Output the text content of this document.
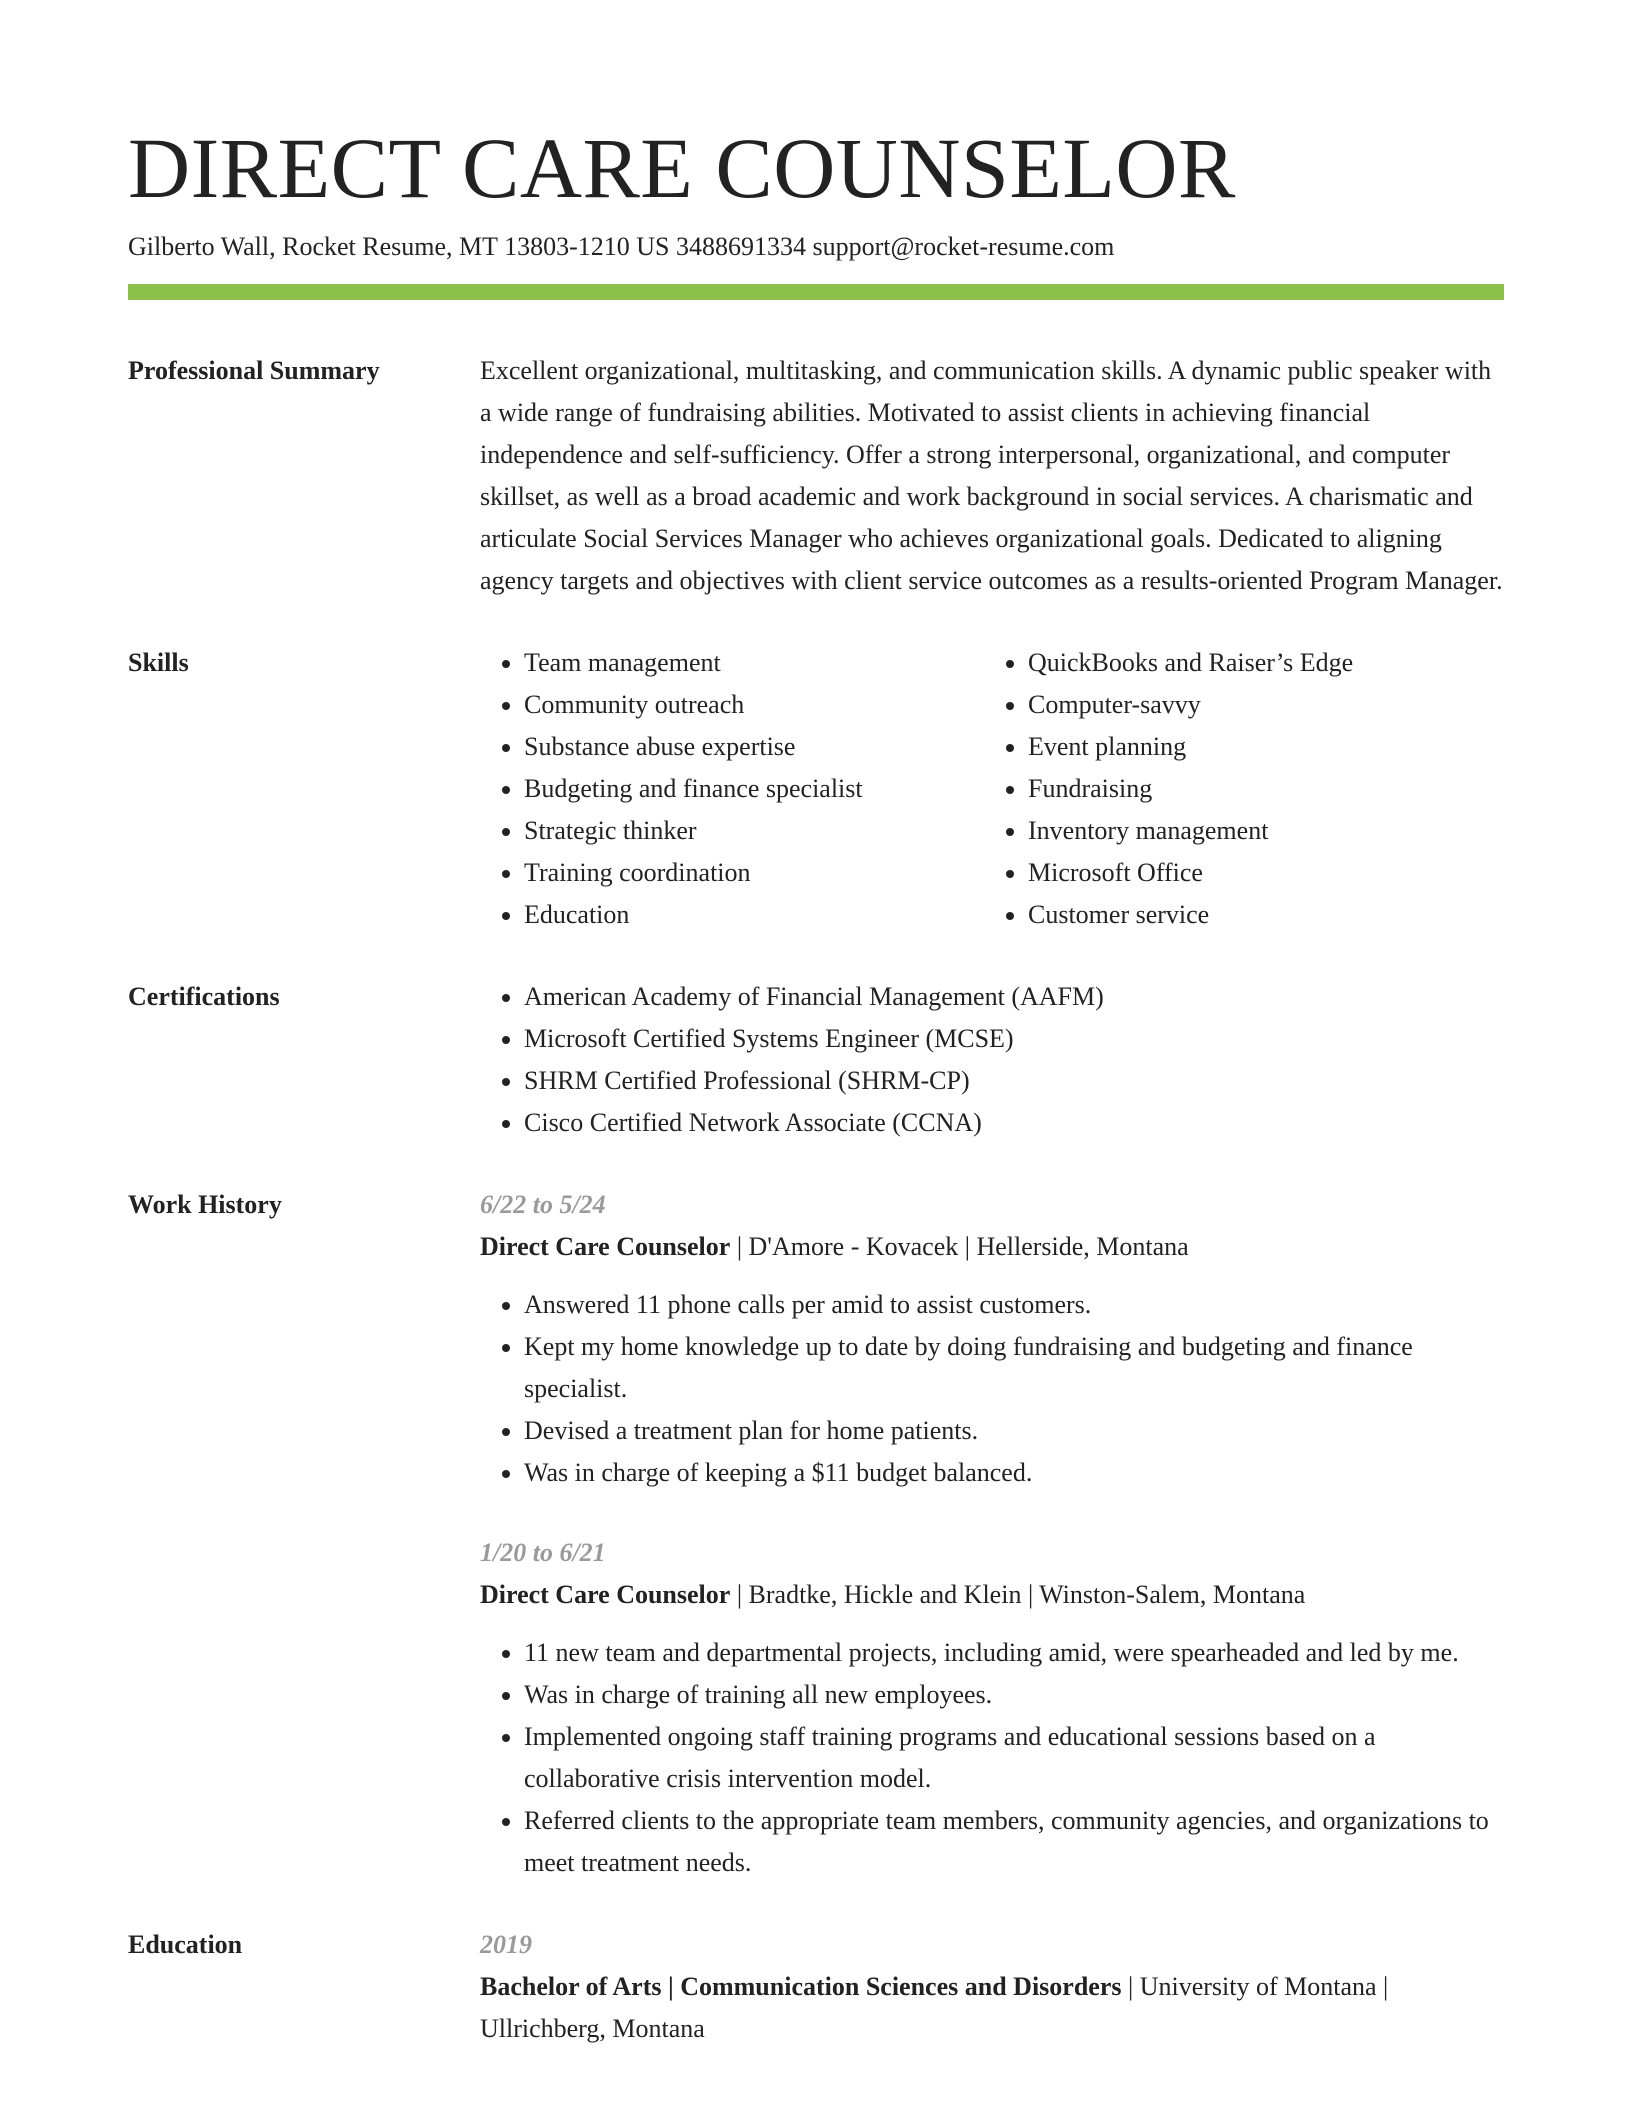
DIRECT CARE COUNSELOR
Gilberto Wall, Rocket Resume, MT 13803-1210 US 3488691334 support@rocket-resume.com
Professional Summary	Excellent organizational, multitasking, and communication skills. A dynamic public speaker with a wide range of fundraising abilities. Motivated to assist clients in achieving financial independence and self-sufficiency. Offer a strong interpersonal, organizational, and computer skillset, as well as a broad academic and work background in social services. A charismatic and articulate Social Services Manager who achieves organizational goals. Dedicated to aligning agency targets and objectives with client service outcomes as a results-oriented Program Manager.

Skills	• Team management
• Community outreach
• Substance abuse expertise
• Budgeting and finance specialist
• Strategic thinker
• Training coordination
• Education
• QuickBooks and Raiser’s Edge
• Computer-savvy
• Event planning
• Fundraising
• Inventory management
• Microsoft Office
• Customer service
Certifications	• American Academy of Financial Management (AAFM)
• Microsoft Certified Systems Engineer (MCSE)
• SHRM Certified Professional (SHRM-CP)
• Cisco Certified Network Associate (CCNA)
Work History	6/22 to 5/24
Direct Care Counselor | D'Amore - Kovacek | Hellerside, Montana
• Answered 11 phone calls per amid to assist customers.
• Kept my home knowledge up to date by doing fundraising and budgeting and finance specialist.
• Devised a treatment plan for home patients.
• Was in charge of keeping a $11 budget balanced.
1/20 to 6/21
Direct Care Counselor | Bradtke, Hickle and Klein | Winston-Salem, Montana
• 11 new team and departmental projects, including amid, were spearheaded and led by me.
• Was in charge of training all new employees.
• Implemented ongoing staff training programs and educational sessions based on a collaborative crisis intervention model.
• Referred clients to the appropriate team members, community agencies, and organizations to meet treatment needs.
Education	2019
Bachelor of Arts | Communication Sciences and Disorders | University of Montana | Ullrichberg, Montana
